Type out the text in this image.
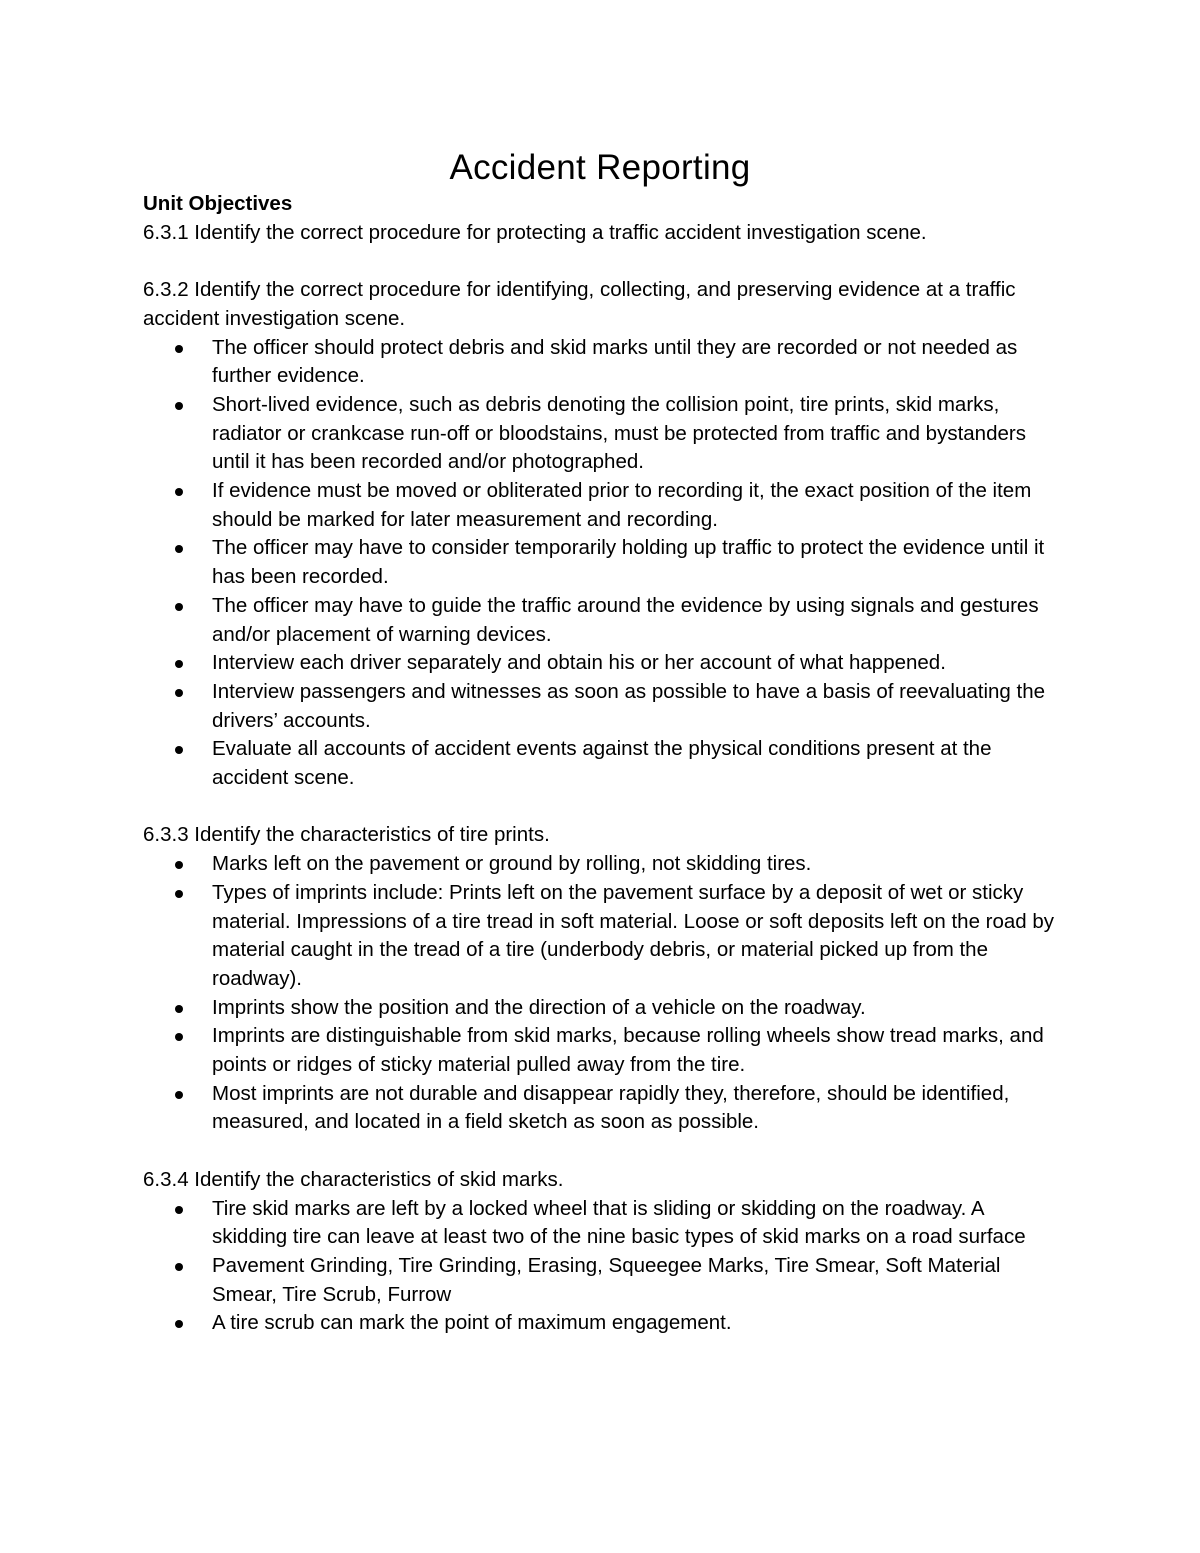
Accident Reporting
Unit Objectives
6.3.1 Identify the correct procedure for protecting a traffic accident investigation scene.
6.3.2 Identify the correct procedure for identifying, collecting, and preserving evidence at a traffic accident investigation scene.
The officer should protect debris and skid marks until they are recorded or not needed as further evidence.
Short-lived evidence, such as debris denoting the collision point, tire prints, skid marks, radiator or crankcase run-off or bloodstains, must be protected from traffic and bystanders until it has been recorded and/or photographed.
If evidence must be moved or obliterated prior to recording it, the exact position of the item should be marked for later measurement and recording.
The officer may have to consider temporarily holding up traffic to protect the evidence until it has been recorded.
The officer may have to guide the traffic around the evidence by using signals and gestures and/or placement of warning devices.
Interview each driver separately and obtain his or her account of what happened.
Interview passengers and witnesses as soon as possible to have a basis of reevaluating the drivers’ accounts.
Evaluate all accounts of accident events against the physical conditions present at the accident scene.
6.3.3 Identify the characteristics of tire prints.
Marks left on the pavement or ground by rolling, not skidding tires.
Types of imprints include: Prints left on the pavement surface by a deposit of wet or sticky material. Impressions of a tire tread in soft material. Loose or soft deposits left on the road by material caught in the tread of a tire (underbody debris, or material picked up from the roadway).
Imprints show the position and the direction of a vehicle on the roadway.
Imprints are distinguishable from skid marks, because rolling wheels show tread marks, and points or ridges of sticky material pulled away from the tire.
Most imprints are not durable and disappear rapidly they, therefore, should be identified, measured, and located in a field sketch as soon as possible.
6.3.4 Identify the characteristics of skid marks.
Tire skid marks are left by a locked wheel that is sliding or skidding on the roadway. A skidding tire can leave at least two of the nine basic types of skid marks on a road surface
Pavement Grinding, Tire Grinding, Erasing, Squeegee Marks, Tire Smear, Soft Material Smear, Tire Scrub, Furrow
A tire scrub can mark the point of maximum engagement.
